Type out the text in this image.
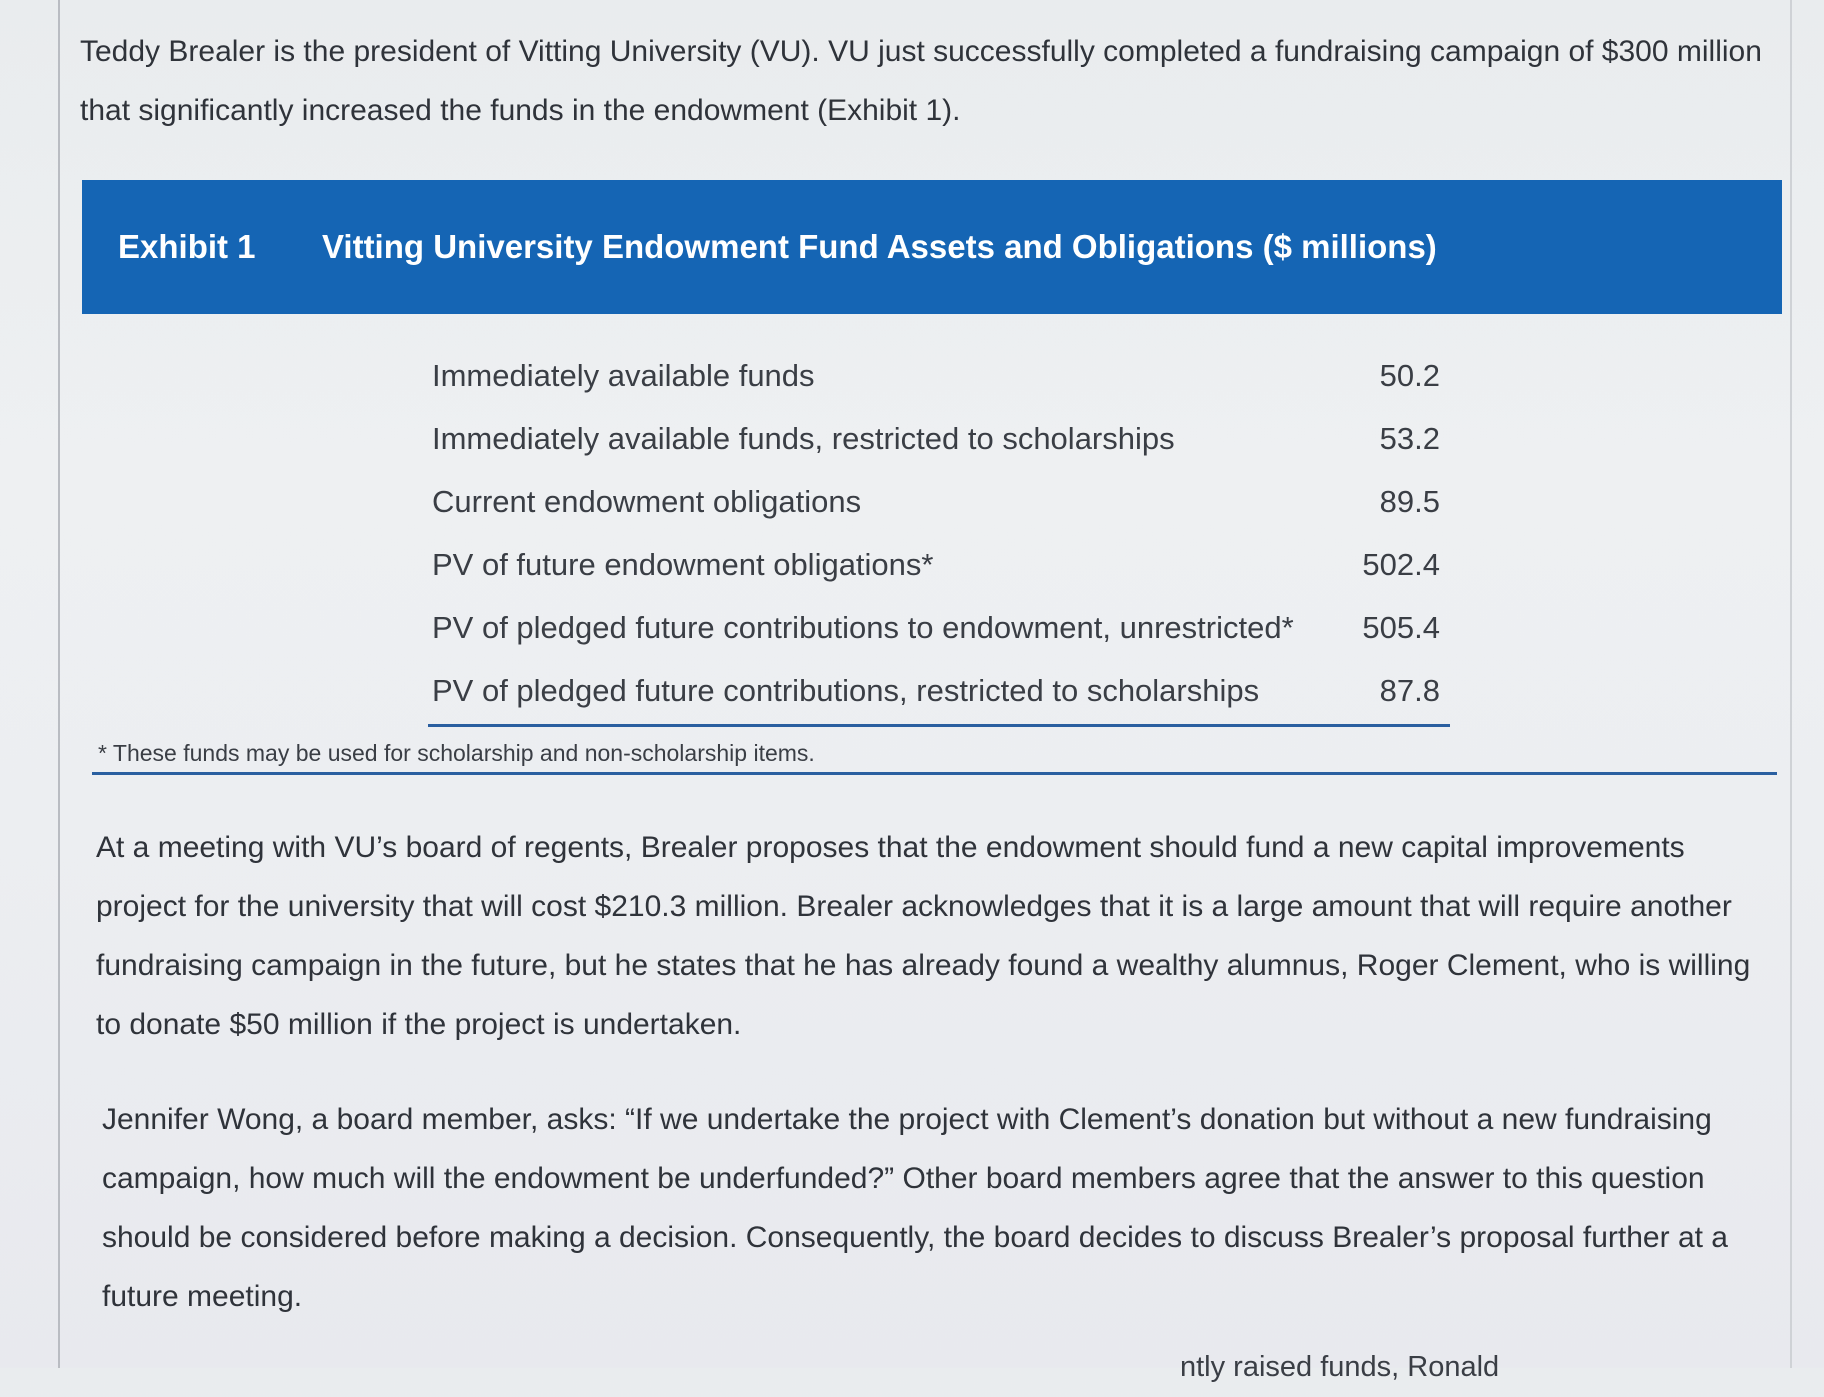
Teddy Brealer is the president of Vitting University (VU). VU just successfully completed a fundraising campaign of $300 million that significantly increased the funds in the endowment (Exhibit 1).

Exhibit 1 Vitting University Endowment Fund Assets and Obligations ($ millions)
Immediately available funds	50.2
Immediately available funds, restricted to scholarships	53.2
Current endowment obligations	89.5
PV of future endowment obligations*	502.4
PV of pledged future contributions to endowment, unrestricted* 505.4
PV of pledged future contributions, restricted to scholarships	87.8
* These funds may be used for scholarship and non-scholarship items.

At a meeting with VU’s board of regents, Brealer proposes that the endowment should fund a new capital improvements project for the university that will cost $210.3 million. Brealer acknowledges that it is a large amount that will require another fundraising campaign in the future, but he states that he has already found a wealthy alumnus, Roger Clement, who is willing to donate $50 million if the project is undertaken.

Jennifer Wong, a board member, asks: “If we undertake the project with Clement’s donation but without a new fundraising campaign, how much will the endowment be underfunded?” Other board members agree that the answer to this question should be considered before making a decision. Consequently, the board decides to discuss Brealer’s proposal further at a future meeting.

ntly raised funds, Ronald
